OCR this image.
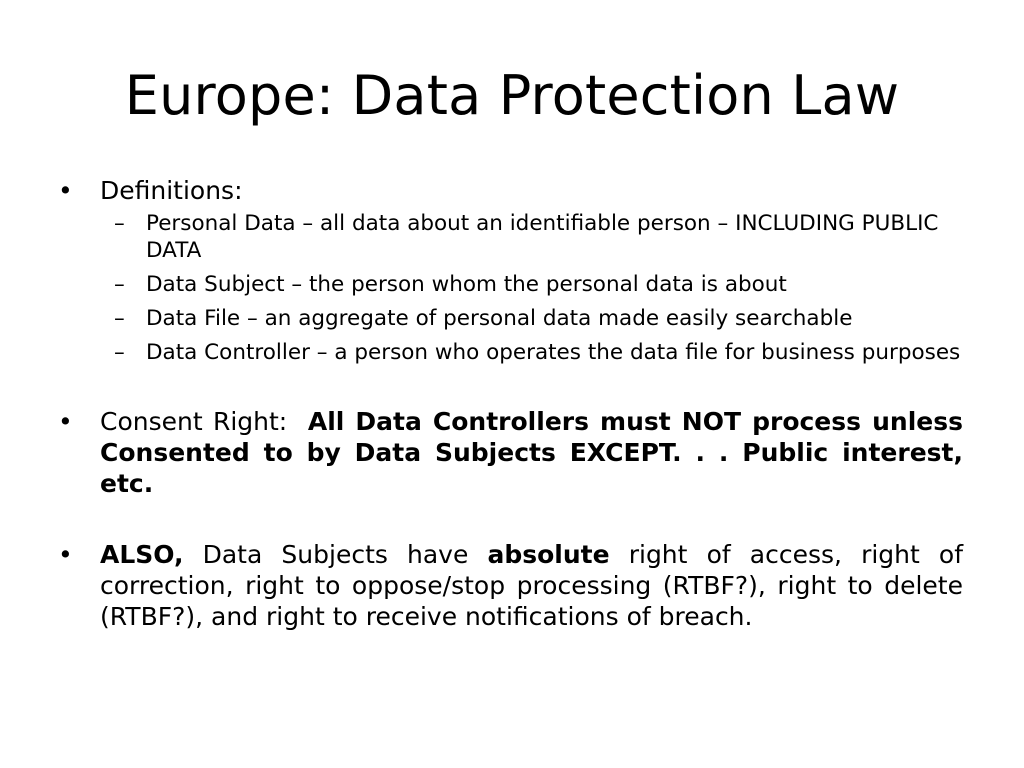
Europe: Data Protection Law
• Definitions:
– Personal Data – all data about an identifiable person – INCLUDING PUBLIC DATA
– Data Subject – the person whom the personal data is about
– Data File – an aggregate of personal data made easily searchable
– Data Controller – a person who operates the data file for business purposes
• Consent Right: All Data Controllers must NOT process unless Consented to by Data Subjects EXCEPT. . . Public interest, etc.
• ALSO, Data Subjects have absolute right of access, right of correction, right to oppose/stop processing (RTBF?), right to delete (RTBF?), and right to receive notifications of breach.
